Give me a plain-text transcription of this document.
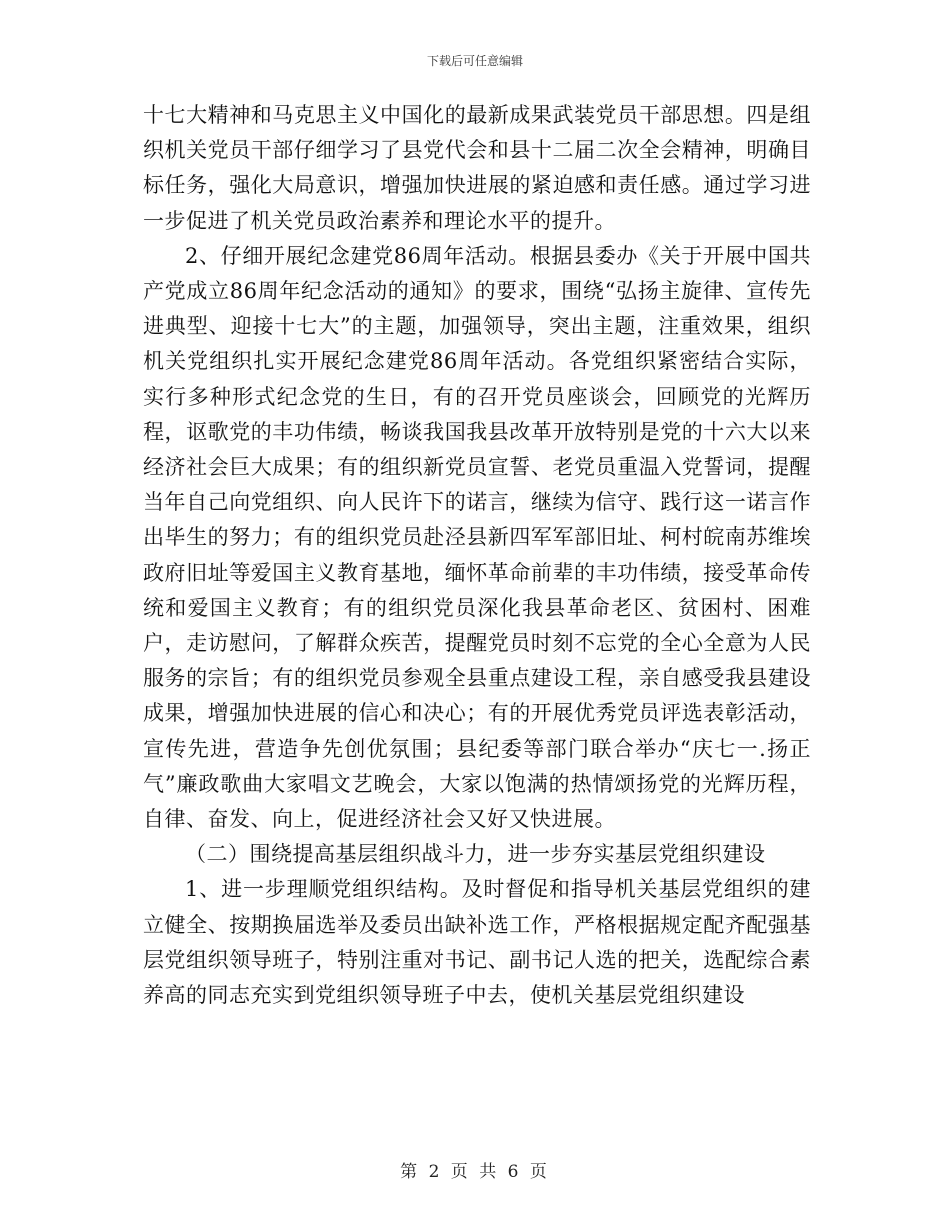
下载后可任意编辑

十七大精神和马克思主义中国化的最新成果武装党员干部思想。四是组织机关党员干部仔细学习了县党代会和县十二届二次全会精神，明确目标任务，强化大局意识，增强加快进展的紧迫感和责任感。通过学习进一步促进了机关党员政治素养和理论水平的提升。

2、仔细开展纪念建党86周年活动。根据县委办《关于开展中国共产党成立86周年纪念活动的通知》的要求，围绕“弘扬主旋律、宣传先进典型、迎接十七大”的主题，加强领导，突出主题，注重效果，组织机关党组织扎实开展纪念建党86周年活动。各党组织紧密结合实际，实行多种形式纪念党的生日，有的召开党员座谈会，回顾党的光辉历程，讴歌党的丰功伟绩，畅谈我国我县改革开放特别是党的十六大以来经济社会巨大成果；有的组织新党员宣誓、老党员重温入党誓词，提醒当年自己向党组织、向人民许下的诺言，继续为信守、践行这一诺言作出毕生的努力；有的组织党员赴泾县新四军军部旧址、柯村皖南苏维埃政府旧址等爱国主义教育基地，缅怀革命前辈的丰功伟绩，接受革命传统和爱国主义教育；有的组织党员深化我县革命老区、贫困村、困难户，走访慰问，了解群众疾苦，提醒党员时刻不忘党的全心全意为人民服务的宗旨；有的组织党员参观全县重点建设工程，亲自感受我县建设成果，增强加快进展的信心和决心；有的开展优秀党员评选表彰活动，宣传先进，营造争先创优氛围；县纪委等部门联合举办“庆七一.扬正气”廉政歌曲大家唱文艺晚会，大家以饱满的热情颂扬党的光辉历程，自律、奋发、向上，促进经济社会又好又快进展。

（二）围绕提高基层组织战斗力，进一步夯实基层党组织建设

1、进一步理顺党组织结构。及时督促和指导机关基层党组织的建立健全、按期换届选举及委员出缺补选工作，严格根据规定配齐配强基层党组织领导班子，特别注重对书记、副书记人选的把关，选配综合素养高的同志充实到党组织领导班子中去，使机关基层党组织建设

第 2 页 共 6 页
